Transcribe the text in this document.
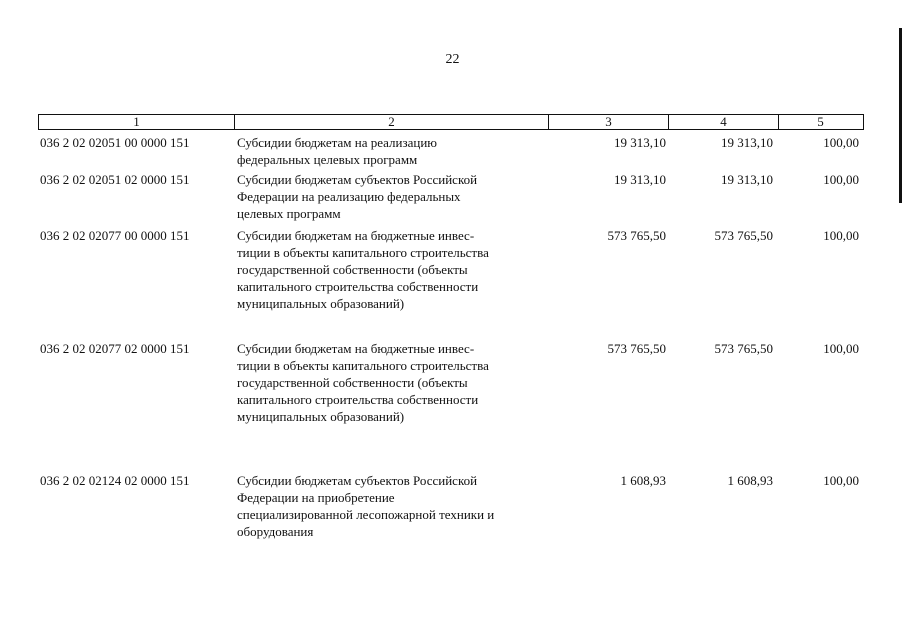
22
1	2	3	4	5
036 2 02 02051 00 0000 151	Субсидии бюджетам на реализацию
федеральных целевых программ
19 313,10	19 313,10	100,00
036 2 02 02051 02 0000 151	Субсидии бюджетам субъектов Российской
Федерации на реализацию федеральных
целевых программ
19 313,10	19 313,10	100,00
036 2 02 02077 00 0000 151	Субсидии бюджетам на бюджетные инвес-
тиции в объекты капитального строительства
государственной собственности (объекты
капитального строительства собственности
муниципальных образований)
573 765,50	573 765,50	100,00
036 2 02 02077 02 0000 151	Субсидии бюджетам на бюджетные инвес-
тиции в объекты капитального строительства
государственной собственности (объекты
капитального строительства собственности
муниципальных образований)
573 765,50	573 765,50	100,00
036 2 02 02124 02 0000 151	Субсидии бюджетам субъектов Российской
Федерации на приобретение
специализированной лесопожарной техники и
оборудования
1 608,93	1 608,93	100,00
